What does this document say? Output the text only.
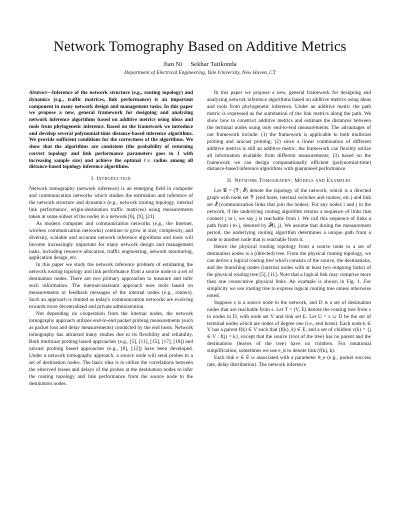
Network Tomography Based on Additive Metrics
Jian Ni     Sekhar Tatikonda
Department of Electrical Engineering, Yale University, New Haven, CT

Abstract—Inference of the network structure (e.g., routing topology) and dynamics (e.g., traffic matrices, link performance) is an important component in many network design and management tasks. In this paper we propose a new, general framework for designing and analyzing network inference algorithms based on additive metrics using ideas and tools from phylogenetic inference. Based on the framework we introduce and develop several polynomial-time distance-based inference algorithms. We provide sufficient conditions for the correctness of the algorithms. We show that the algorithms are consistent (the probability of returning correct topology and link performance parameters goes to 1 with increasing sample size) and achieve the optimal ℓ∞ radius among all distance-based topology inference algorithms.

I. Introduction

Network tomography (network inference) is an emerging field in computer and communication networks which studies the estimation and inference of the network structure and dynamics (e.g., network routing topology, internal link performance, origin-destination traffic matrices) using measurements taken at some subset of the nodes in a network [6], [9], [21].

As modern computer and communication networks (e.g., the Internet, wireless communication networks) continue to grow in size, complexity, and diversity, scalable and accurate network inference algorithms and tools will become increasingly important for many network design and management tasks, including resource allocation, traffic engineering, network monitoring, application design, etc.

In this paper we study the network inference problem of estimating the network routing topology and link performance from a source node to a set of destination nodes. There are two primary approaches to measure and infer such information. The internal-assistant approach uses tools based on measurements or feedback messages of the internal nodes (e.g., routers). Such an approach is limited as today's communication networks are evolving towards more decentralized and private administration.

Not depending on cooperation from the internal nodes, the network tomography approach utilizes end-to-end packet probing measurements (such as packet loss and delay measurements) conducted by the end hosts. Network tomography has attracted many studies due to its flexibility and reliability. Both multicast probing based approaches (e.g., [5], [11], [15], [17], [18]) and unicast probing based approaches (e.g., [8], [12]) have been developed. Under a network tomography approach, a source node will send probes to a set of destination nodes. The basic idea is to utilize the correlations between the observed losses and delays of the probes at the destination nodes to infer the routing topology and link performance from the source node to the destination nodes.

In this paper we propose a new, general framework for designing and analyzing network inference algorithms based on additive metrics using ideas and tools from phylogenetic inference. Under an additive metric the path metric is expressed as the summation of the link metrics along the path. We show how to construct additive metrics and estimate the distances between the terminal nodes using only end-to-end measurements. The advantages of our framework include: (1) the framework is applicable to both multicast probing and unicast probing; (2) since a linear combination of different additive metrics is still an additive metric, the framework can flexibly utilize all information available from different measurements; (3) based on the framework we can design computationally efficient (polynomial-time) distance-based inference algorithms with guaranteed performance.

II. Network Tomography: Models and Examples

Let 𝒢 = (𝒱, ℰ) denote the topology of the network, which is a directed graph with node set 𝒱 (end hosts, internal switches and routers, etc.) and link set ℰ (communication links that join the nodes). For any nodes i and j in the network, if the underlying routing algorithm returns a sequence of links that connect j to i, we say j is reachable from i. We call this sequence of links a path from i to j, denoted by 𝒫(i, j). We assume that during the measurement period, the underlying routing algorithm determines a unique path from a node to another node that is reachable from it.

Hence the physical routing topology from a source node to a set of destination nodes is a (directed) tree. From the physical routing topology, we can derive a logical routing tree which consists of the source, the destinations, and the branching nodes (internal nodes with at least two outgoing links) of the physical routing tree [5], [11]. Note that a logical link may comprise more than one consecutive physical links. An example is shown in Fig. 1. For simplicity we use routing tree to express logical routing tree unless otherwise noted.

Suppose s is a source node in the network, and D is a set of destination nodes that are reachable from s. Let T = (V, E) denote the routing tree from s to nodes in D, with node set V and link set E. Let U = s ∪ D be the set of terminal nodes which are nodes of degree one (i.e., end hosts). Each node k ∈ V has a parent f(k) ∈ V such that (f(k), k) ∈ E, and a set of children c(k) = {j ∈ V : f(j) = k}, except that the source (root of the tree) has no parent and the destinations (leaves of the tree) have no children. For notational simplification, sometimes we use e_k to denote link (f(k), k).

Each link e ∈ E is associated with a parameter θ_e (e.g., packet success rate, delay distribution). The network inference
